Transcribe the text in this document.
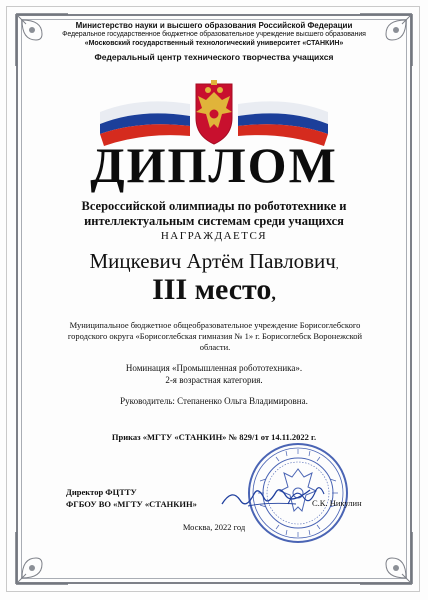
Министерство науки и высшего образования Российской Федерации
Федеральное государственное бюджетное образовательное учреждение высшего образования
«Московский государственный технологический университет «СТАНКИН»
Федеральный центр технического творчества учащихся
ДИПЛОМ
Всероссийской олимпиады по робототехнике и
интеллектуальным системам среди учащихся
НАГРАЖДАЕТСЯ
Мицкевич Артём Павлович,
III место,
Муниципальное бюджетное общеобразовательное учреждение Борисоглебского
городского округа «Борисоглебская гимназия № 1» г. Борисоглебск Воронежской
области.
Номинация «Промышленная робототехника».
2-я возрастная категория.
Руководитель: Степаненко Ольга Владимировна.
Приказ «МГТУ «СТАНКИН» № 829/1 от 14.11.2022 г.
Директор ФЦТТУ
ФГБОУ ВО «МГТУ «СТАНКИН»	С.К. Никулин
Москва, 2022 год
